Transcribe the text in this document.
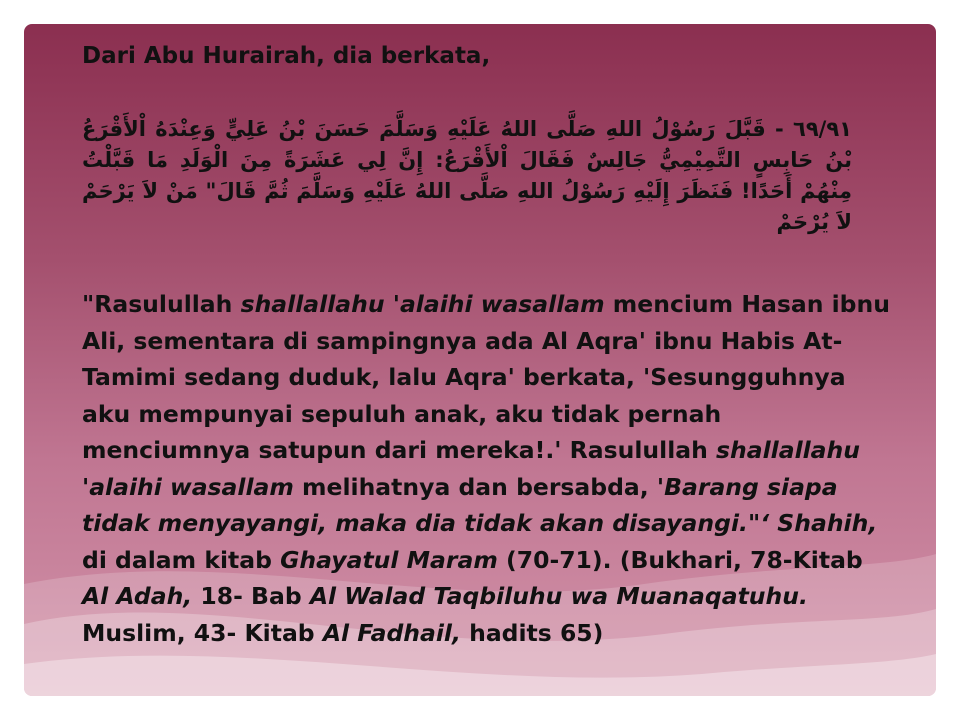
Dari Abu Hurairah, dia berkata,

٦٩/٩١ - قَبَّلَ رَسُوْلُ اللهِ صَلَّى اللهُ عَلَيْهِ وَسَلَّمَ حَسَنَ بْنُ عَلِيٍّ وَعِنْدَهُ اْلأَقْرَعُ بْنُ حَابِسٍ التَّمِيْمِيُّ جَالِسٌ فَقَالَ اْلأَقْرَعُ: إِنَّ لِي عَشَرَةً مِنَ الْوَلَدِ مَا قَبَّلْتُ مِنْهُمْ أَحَدًا! فَنَظَرَ إِلَيْهِ رَسُوْلُ اللهِ صَلَّى اللهُ عَلَيْهِ وَسَلَّمَ ثُمَّ قَالَ" مَنْ لاَ يَرْحَمْ لاَ يُرْحَمْ
"Rasulullah shallallahu 'alaihi wasallam mencium Hasan ibnu Ali, sementara di sampingnya ada Al Aqra' ibnu Habis At-Tamimi sedang duduk, lalu Aqra' berkata, 'Sesungguhnya aku mempunyai sepuluh anak, aku tidak pernah menciumnya satupun dari mereka!.' Rasulullah shallallahu 'alaihi wasallam melihatnya dan bersabda, 'Barang siapa tidak menyayangi, maka dia tidak akan disayangi."‘ Shahih, di dalam kitab Ghayatul Maram (70-71). (Bukhari, 78-Kitab Al Adah, 18- Bab Al Walad Taqbiluhu wa Muanaqatuhu. Muslim, 43- Kitab Al Fadhail, hadits 65)
